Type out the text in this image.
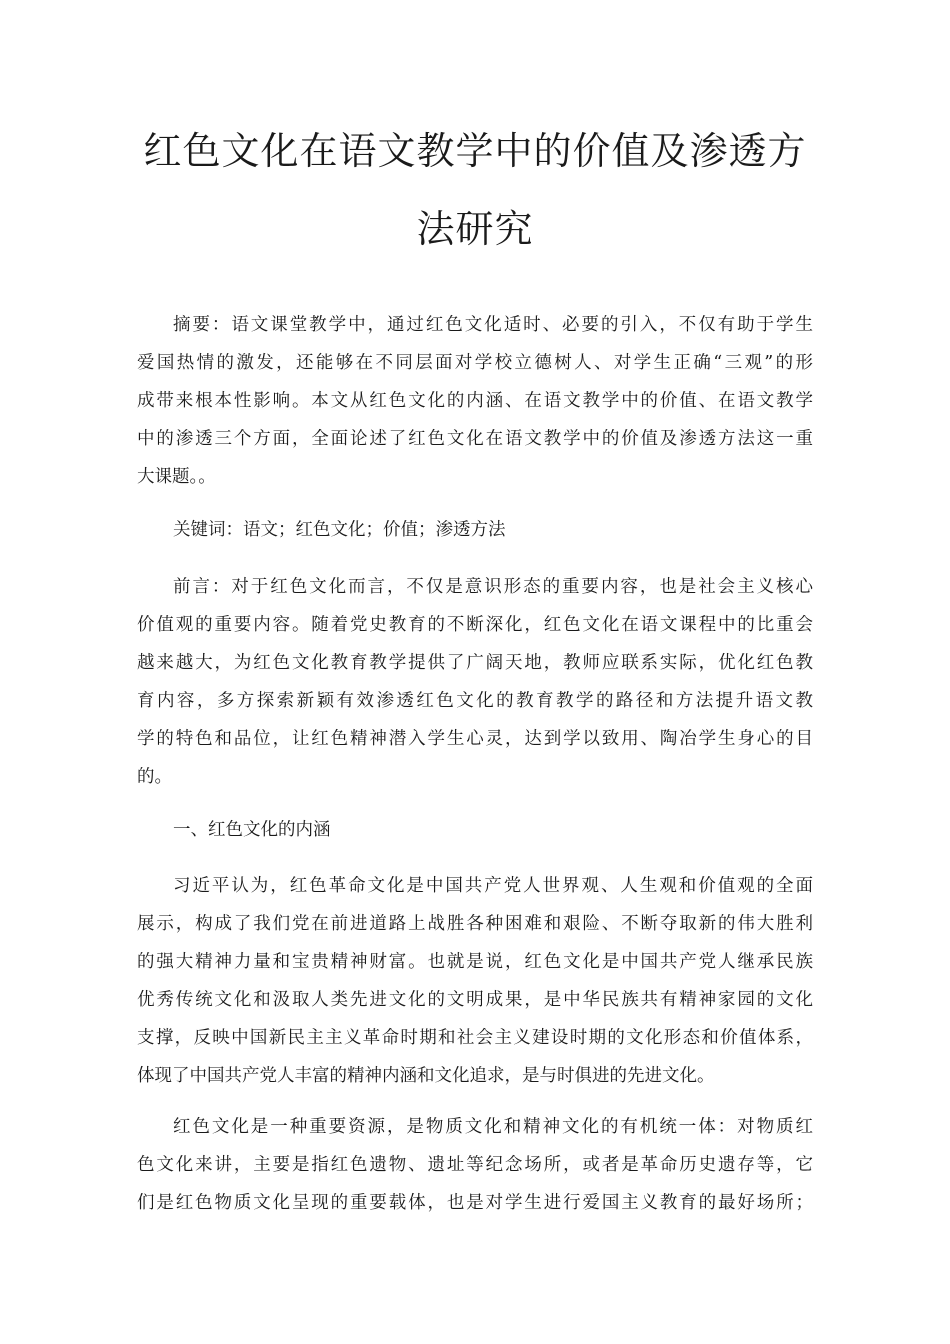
红色文化在语文教学中的价值及渗透方
法研究
摘要：语文课堂教学中，通过红色文化适时、必要的引入，不仅有助于学生
爱国热情的激发，还能够在不同层面对学校立德树人、对学生正确“三观”的形
成带来根本性影响。本文从红色文化的内涵、在语文教学中的价值、在语文教学
中的渗透三个方面，全面论述了红色文化在语文教学中的价值及渗透方法这一重
大课题。。
关键词：语文；红色文化；价值；渗透方法
前言：对于红色文化而言，不仅是意识形态的重要内容，也是社会主义核心
价值观的重要内容。随着党史教育的不断深化，红色文化在语文课程中的比重会
越来越大，为红色文化教育教学提供了广阔天地，教师应联系实际，优化红色教
育内容，多方探索新颖有效渗透红色文化的教育教学的路径和方法提升语文教
学的特色和品位，让红色精神潜入学生心灵，达到学以致用、陶冶学生身心的目
的。
一、红色文化的内涵
习近平认为，红色革命文化是中国共产党人世界观、人生观和价值观的全面
展示，构成了我们党在前进道路上战胜各种困难和艰险、不断夺取新的伟大胜利
的强大精神力量和宝贵精神财富。也就是说，红色文化是中国共产党人继承民族
优秀传统文化和汲取人类先进文化的文明成果，是中华民族共有精神家园的文化
支撑，反映中国新民主主义革命时期和社会主义建设时期的文化形态和价值体系，
体现了中国共产党人丰富的精神内涵和文化追求，是与时俱进的先进文化。
红色文化是一种重要资源，是物质文化和精神文化的有机统一体：对物质红
色文化来讲，主要是指红色遗物、遗址等纪念场所，或者是革命历史遗存等，它
们是红色物质文化呈现的重要载体，也是对学生进行爱国主义教育的最好场所；
